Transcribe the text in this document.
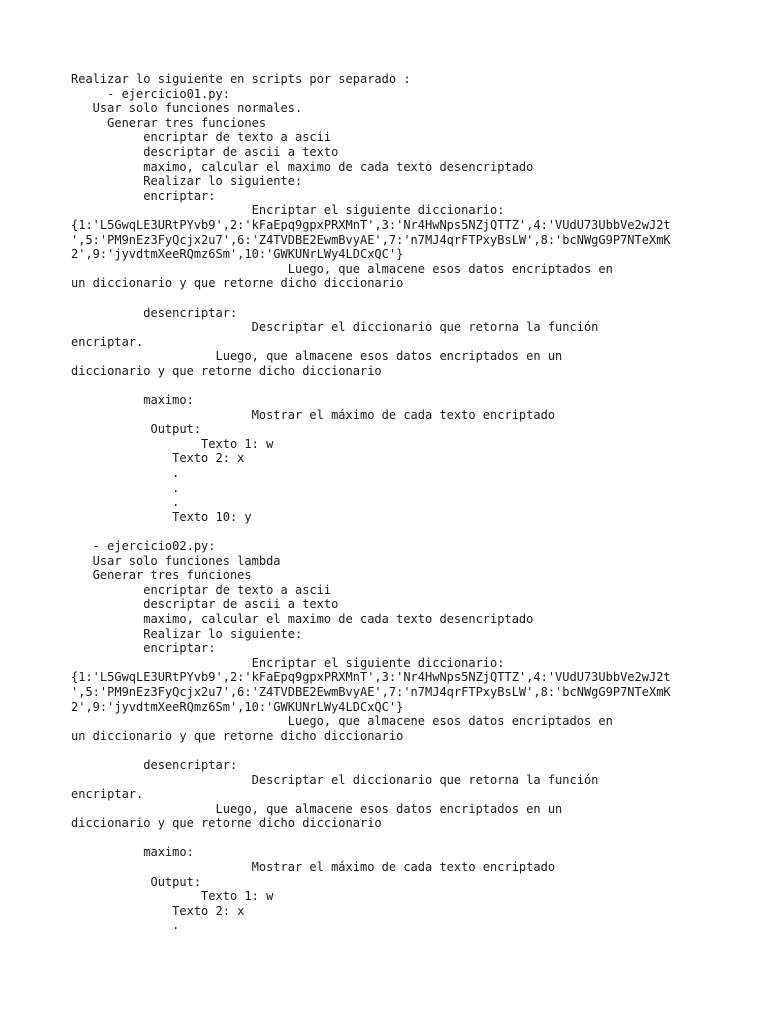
Realizar lo siguiente en scripts por separado :
- ejercicio01.py:
Usar solo funciones normales.
Generar tres funciones
encriptar de texto a ascii
descriptar de ascii a texto
maximo, calcular el maximo de cada texto desencriptado
Realizar lo siguiente:
encriptar:
Encriptar el siguiente diccionario:
{1:'L5GwqLE3URtPYvb9',2:'kFaEpq9gpxPRXMnT',3:'Nr4HwNps5NZjQTTZ',4:'VUdU73UbbVe2wJ2t
',5:'PM9nEz3FyQcjx2u7',6:'Z4TVDBE2EwmBvyAE',7:'n7MJ4qrFTPxyBsLW',8:'bcNWgG9P7NTeXmK
2',9:'jyvdtmXeeRQmz6Sm',10:'GWKUNrLWy4LDCxQC'}
Luego, que almacene esos datos encriptados en
un diccionario y que retorne dicho diccionario
desencriptar:
Descriptar el diccionario que retorna la función
encriptar.
Luego, que almacene esos datos encriptados en un
diccionario y que retorne dicho diccionario
maximo:
Mostrar el máximo de cada texto encriptado
Output:
Texto 1: w
Texto 2: x
.
.
.
Texto 10: y
- ejercicio02.py:
Usar solo funciones lambda
Generar tres funciones
encriptar de texto a ascii
descriptar de ascii a texto
maximo, calcular el maximo de cada texto desencriptado
Realizar lo siguiente:
encriptar:
Encriptar el siguiente diccionario:
{1:'L5GwqLE3URtPYvb9',2:'kFaEpq9gpxPRXMnT',3:'Nr4HwNps5NZjQTTZ',4:'VUdU73UbbVe2wJ2t
',5:'PM9nEz3FyQcjx2u7',6:'Z4TVDBE2EwmBvyAE',7:'n7MJ4qrFTPxyBsLW',8:'bcNWgG9P7NTeXmK
2',9:'jyvdtmXeeRQmz6Sm',10:'GWKUNrLWy4LDCxQC'}
Luego, que almacene esos datos encriptados en
un diccionario y que retorne dicho diccionario
desencriptar:
Descriptar el diccionario que retorna la función
encriptar.
Luego, que almacene esos datos encriptados en un
diccionario y que retorne dicho diccionario
maximo:
Mostrar el máximo de cada texto encriptado
Output:
Texto 1: w
Texto 2: x
.
